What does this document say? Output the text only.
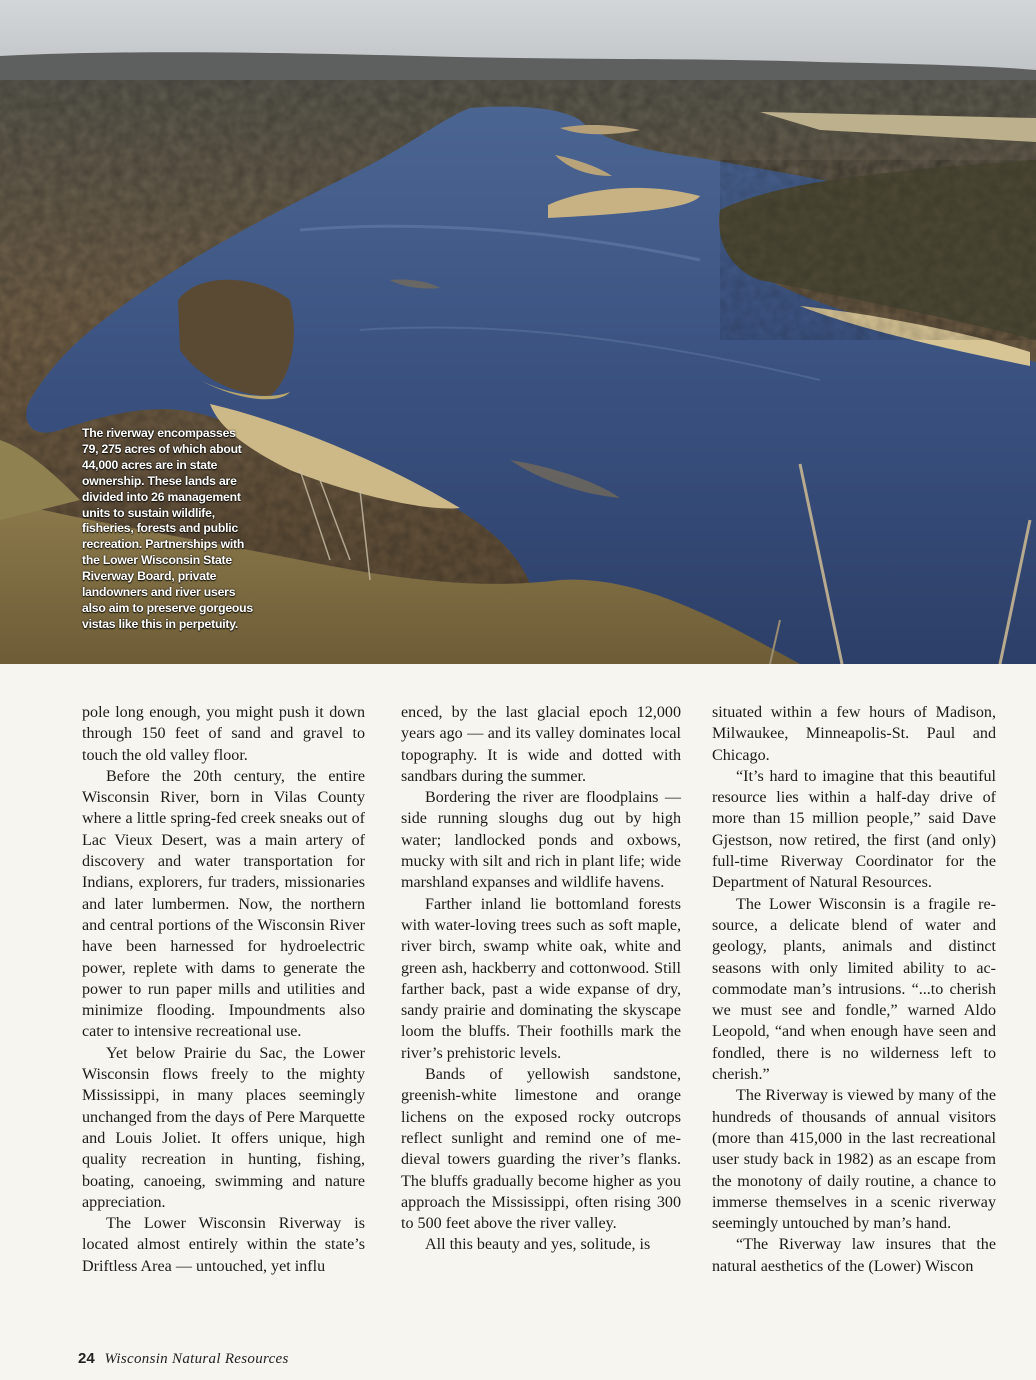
The riverway encompasses 79, 275 acres of which about 44,000 acres are in state ownership. These lands are divided into 26 management units to sustain wildlife, fisheries, forests and public recreation. Partnerships with the Lower Wisconsin State Riverway Board, private landowners and river users also aim to preserve gorgeous vistas like this in perpetuity.

pole long enough, you might push it down through 150 feet of sand and gravel to touch the old valley floor.

Before the 20th century, the entire Wisconsin River, born in Vilas County where a little spring-fed creek sneaks out of Lac Vieux Desert, was a main artery of discovery and water transportation for Indians, explorers, fur traders, missionaries and later lumbermen. Now, the northern and central portions of the Wisconsin River have been harnessed for hydroelectric power, replete with dams to generate the power to run paper mills and utilities and minimize flooding. Impoundments also cater to intensive recreational use.

Yet below Prairie du Sac, the Lower Wisconsin flows freely to the mighty Mississippi, in many places seemingly unchanged from the days of Pere Marquette and Louis Joliet. It offers unique, high quality recreation in hunting, fishing, boating, canoeing, swimming and nature appreciation.

The Lower Wisconsin Riverway is located almost entirely within the state’s Driftless Area — untouched, yet influ

enced, by the last glacial epoch 12,000 years ago — and its valley dominates local topography. It is wide and dotted with sandbars during the summer.

Bordering the river are floodplains — side running sloughs dug out by high water; landlocked ponds and oxbows, mucky with silt and rich in plant life; wide marshland expanses and wildlife havens.

Farther inland lie bottomland forests with water-loving trees such as soft maple, river birch, swamp white oak, white and green ash, hackberry and cottonwood. Still farther back, past a wide expanse of dry, sandy prairie and dominating the skyscape loom the bluffs. Their foothills mark the river’s prehistoric levels.

Bands of yellowish sandstone, greenish-white limestone and orange lichens on the exposed rocky outcrops reflect sunlight and remind one of medieval towers guarding the river’s flanks. The bluffs gradually become higher as you approach the Mississippi, often rising 300 to 500 feet above the river valley.

All this beauty and yes, solitude, is

situated within a few hours of Madison, Milwaukee, Minneapolis-St. Paul and Chicago.

“It’s hard to imagine that this beautiful resource lies within a half-day drive of more than 15 million people,” said Dave Gjestson, now retired, the first (and only) full-time Riverway Coordinator for the Department of Natural Resources.

The Lower Wisconsin is a fragile resource, a delicate blend of water and geology, plants, animals and distinct seasons with only limited ability to accommodate man’s intrusions. “...to cherish we must see and fondle,” warned Aldo Leopold, “and when enough have seen and fondled, there is no wilderness left to cherish.”

The Riverway is viewed by many of the hundreds of thousands of annual visitors (more than 415,000 in the last recreational user study back in 1982) as an escape from the monotony of daily routine, a chance to immerse themselves in a scenic riverway seemingly untouched by man’s hand.

“The Riverway law insures that the natural aesthetics of the (Lower) Wiscon

24 Wisconsin Natural Resources
